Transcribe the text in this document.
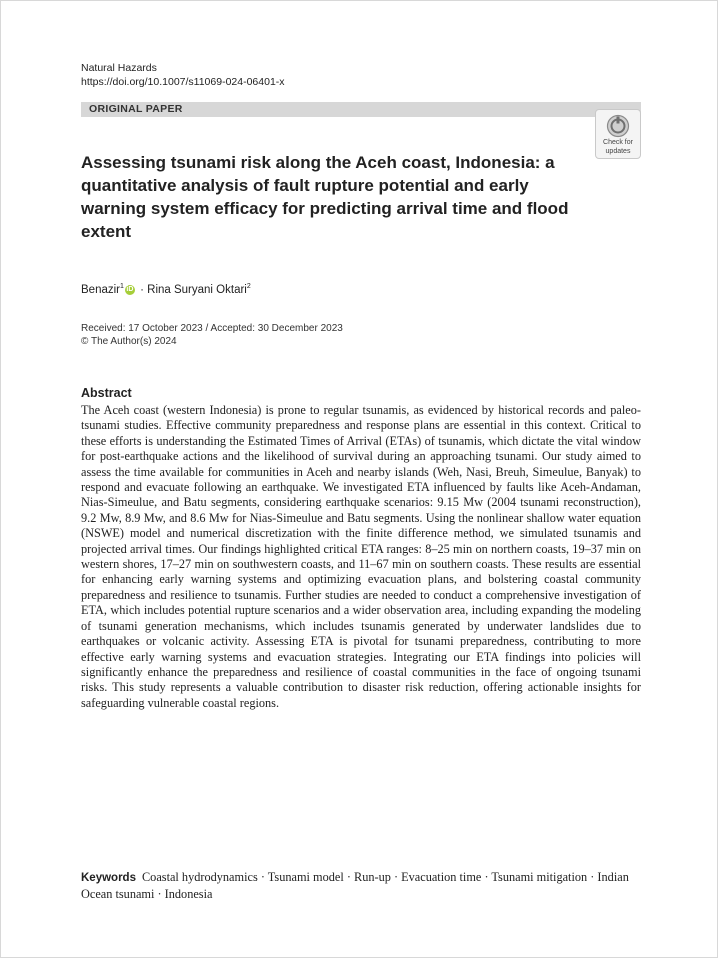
Natural Hazards
https://doi.org/10.1007/s11069-024-06401-x
ORIGINAL PAPER
Check for
updates
Assessing tsunami risk along the Aceh coast, Indonesia: a quantitative analysis of fault rupture potential and early warning system efficacy for predicting arrival time and flood extent
Benazir$^1$ iD · Rina Suryani Oktari$^2$
Received: 17 October 2023 / Accepted: 30 December 2023
© The Author(s) 2024
Abstract

The Aceh coast (western Indonesia) is prone to regular tsunamis, as evidenced by historical records and paleo-tsunami studies. Effective community preparedness and response plans are essential in this context. Critical to these efforts is understanding the Estimated Times of Arrival (ETAs) of tsunamis, which dictate the vital window for post-earthquake actions and the likelihood of survival during an approaching tsunami. Our study aimed to assess the time available for communities in Aceh and nearby islands (Weh, Nasi, Breuh, Simeulue, Banyak) to respond and evacuate following an earthquake. We investigated ETA influenced by faults like Aceh-Andaman, Nias-Simeulue, and Batu segments, considering earthquake scenarios: 9.15 Mw (2004 tsunami reconstruction), 9.2 Mw, 8.9 Mw, and 8.6 Mw for Nias-Simeulue and Batu segments. Using the nonlinear shallow water equation (NSWE) model and numerical discretization with the finite difference method, we simulated tsunamis and projected arrival times. Our findings highlighted critical ETA ranges: 8–25 min on northern coasts, 19–37 min on western shores, 17–27 min on southwestern coasts, and 11–67 min on southern coasts. These results are essential for enhancing early warning systems and optimizing evacuation plans, and bolstering coastal community preparedness and resilience to tsunamis. Further studies are needed to conduct a comprehensive investigation of ETA, which includes potential rupture scenarios and a wider observation area, including expanding the modeling of tsunami generation mechanisms, which includes tsunamis generated by underwater landslides due to earthquakes or volcanic activity. Assessing ETA is pivotal for tsunami preparedness, contributing to more effective early warning systems and evacuation strategies. Integrating our ETA findings into policies will significantly enhance the preparedness and resilience of coastal communities in the face of ongoing tsunami risks. This study represents a valuable contribution to disaster risk reduction, offering actionable insights for safeguarding vulnerable coastal regions.

Keywords Coastal hydrodynamics · Tsunami model · Run-up · Evacuation time · Tsunami mitigation · Indian Ocean tsunami · Indonesia
